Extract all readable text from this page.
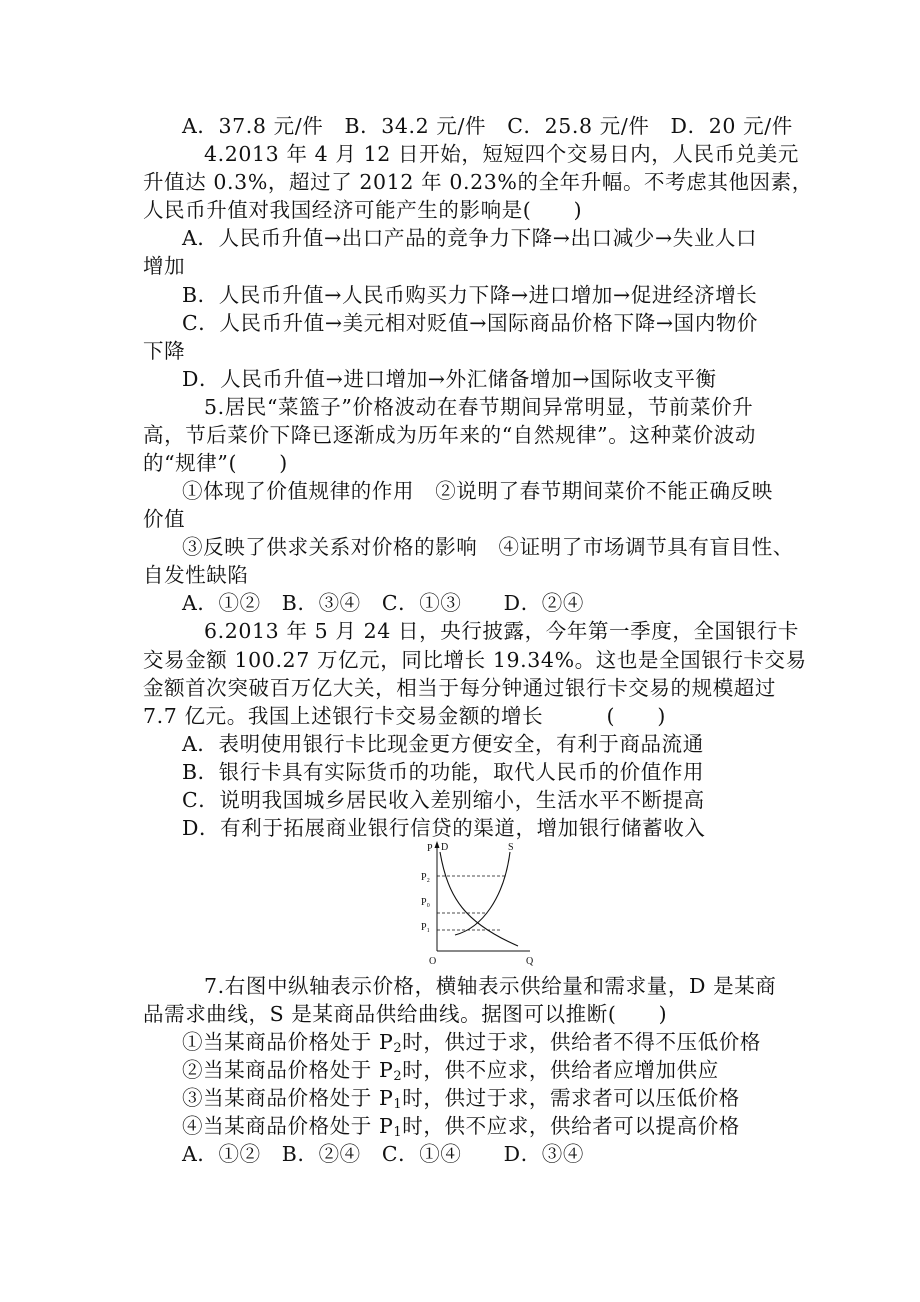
A．37.8 元/件　B．34.2 元/件　C．25.8 元/件　D．20 元/件
4.2013 年 4 月 12 日开始，短短四个交易日内，人民币兑美元
升值达 0.3%，超过了 2012 年 0.23%的全年升幅。不考虑其他因素，
人民币升值对我国经济可能产生的影响是(　　)
A．人民币升值→出口产品的竞争力下降→出口减少→失业人口
增加
B．人民币升值→人民币购买力下降→进口增加→促进经济增长
C．人民币升值→美元相对贬值→国际商品价格下降→国内物价
下降
D．人民币升值→进口增加→外汇储备增加→国际收支平衡
5.居民“菜篮子”价格波动在春节期间异常明显，节前菜价升
高，节后菜价下降已逐渐成为历年来的“自然规律”。这种菜价波动
的“规律”(　　)
①体现了价值规律的作用　②说明了春节期间菜价不能正确反映
价值
③反映了供求关系对价格的影响　④证明了市场调节具有盲目性、
自发性缺陷
A．①②　B．③④　C．①③　　D．②④
6.2013 年 5 月 24 日，央行披露，今年第一季度，全国银行卡
交易金额 100.27 万亿元，同比增长 19.34%。这也是全国银行卡交易
金额首次突破百万亿大关，相当于每分钟通过银行卡交易的规模超过
7.7 亿元。我国上述银行卡交易金额的增长　　　(　　)
A．表明使用银行卡比现金更方便安全，有利于商品流通
B．银行卡具有实际货币的功能，取代人民币的价值作用
C．说明我国城乡居民收入差别缩小，生活水平不断提高
D．有利于拓展商业银行信贷的渠道，增加银行储蓄收入
P D	S
P₂
P₀
P₁
O	Q
7.右图中纵轴表示价格，横轴表示供给量和需求量，D 是某商
品需求曲线，S 是某商品供给曲线。据图可以推断(　　)
①当某商品价格处于 $P_2$时，供过于求，供给者不得不压低价格
②当某商品价格处于 $P_2$时，供不应求，供给者应增加供应
③当某商品价格处于 $P_1$时，供过于求，需求者可以压低价格
④当某商品价格处于 $P_1$时，供不应求，供给者可以提高价格
A．①②　B．②④　C．①④　　D．③④
